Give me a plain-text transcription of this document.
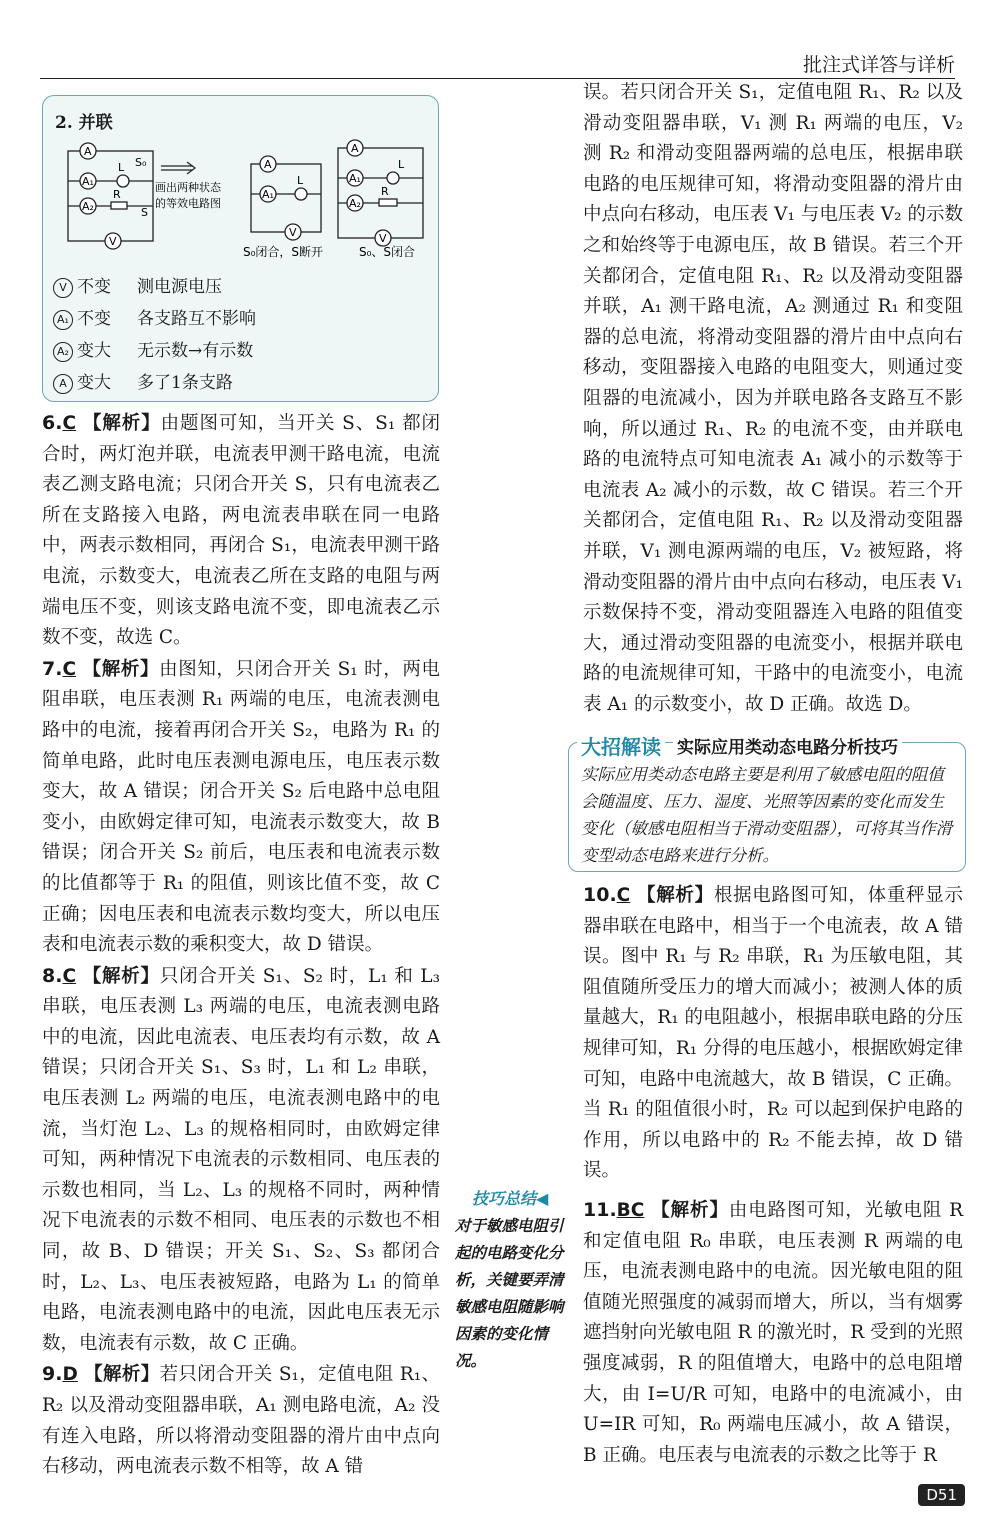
批注式详答与详析
2. 并联
A
A₁
A₂
V
L S₀
R
S
画出两种状态
的等效电路图
A
A₁
V
L
S₀闭合，S断开
A
A₁
A₂
V
L
R
S₀、S闭合
V 不变 测电源电压
A₁ 不变 各支路互不影响
A₂ 变大 无示数→有示数
A 变大 多了1条支路

6.C 【解析】由题图可知，当开关 S、S₁ 都闭合时，两灯泡并联，电流表甲测干路电流，电流表乙测支路电流；只闭合开关 S，只有电流表乙所在支路接入电路，两电流表串联在同一电路中，两表示数相同，再闭合 S₁，电流表甲测干路电流，示数变大，电流表乙所在支路的电阻与两端电压不变，则该支路电流不变，即电流表乙示数不变，故选 C。

7.C 【解析】由图知，只闭合开关 S₁ 时，两电阻串联，电压表测 R₁ 两端的电压，电流表测电路中的电流，接着再闭合开关 S₂，电路为 R₁ 的简单电路，此时电压表测电源电压，电压表示数变大，故 A 错误；闭合开关 S₂ 后电路中总电阻变小，由欧姆定律可知，电流表示数变大，故 B 错误；闭合开关 S₂ 前后，电压表和电流表示数的比值都等于 R₁ 的阻值，则该比值不变，故 C 正确；因电压表和电流表示数均变大，所以电压表和电流表示数的乘积变大，故 D 错误。

8.C 【解析】只闭合开关 S₁、S₂ 时，L₁ 和 L₃ 串联，电压表测 L₃ 两端的电压，电流表测电路中的电流，因此电流表、电压表均有示数，故 A 错误；只闭合开关 S₁、S₃ 时，L₁ 和 L₂ 串联，电压表测 L₂ 两端的电压，电流表测电路中的电流，当灯泡 L₂、L₃ 的规格相同时，由欧姆定律可知，两种情况下电流表的示数相同、电压表的示数也相同，当 L₂、L₃ 的规格不同时，两种情况下电流表的示数不相同、电压表的示数也不相同，故 B、D 错误；开关 S₁、S₂、S₃ 都闭合时，L₂、L₃、电压表被短路，电路为 L₁ 的简单电路，电流表测电路中的电流，因此电压表无示数，电流表有示数，故 C 正确。

9.D 【解析】若只闭合开关 S₁，定值电阻 R₁、R₂ 以及滑动变阻器串联，A₁ 测电路电流，A₂ 没有连入电路，所以将滑动变阻器的滑片由中点向右移动，两电流表示数不相等，故 A 错

误。若只闭合开关 S₁，定值电阻 R₁、R₂ 以及滑动变阻器串联，V₁ 测 R₁ 两端的电压，V₂ 测 R₂ 和滑动变阻器两端的总电压，根据串联电路的电压规律可知，将滑动变阻器的滑片由中点向右移动，电压表 V₁ 与电压表 V₂ 的示数之和始终等于电源电压，故 B 错误。若三个开关都闭合，定值电阻 R₁、R₂ 以及滑动变阻器并联，A₁ 测干路电流，A₂ 测通过 R₁ 和变阻器的总电流，将滑动变阻器的滑片由中点向右移动，变阻器接入电路的电阻变大，则通过变阻器的电流减小，因为并联电路各支路互不影响，所以通过 R₁、R₂ 的电流不变，由并联电路的电流特点可知电流表 A₁ 减小的示数等于电流表 A₂ 减小的示数，故 C 错误。若三个开关都闭合，定值电阻 R₁、R₂ 以及滑动变阻器并联，V₁ 测电源两端的电压，V₂ 被短路，将滑动变阻器的滑片由中点向右移动，电压表 V₁ 示数保持不变，滑动变阻器连入电路的阻值变大，通过滑动变阻器的电流变小，根据并联电路的电流规律可知，干路中的电流变小，电流表 A₁ 的示数变小，故 D 正确。故选 D。

大招解读 实际应用类动态电路分析技巧
实际应用类动态电路主要是利用了敏感电阻的阻值会随温度、压力、湿度、光照等因素的变化而发生变化（敏感电阻相当于滑动变阻器），可将其当作滑变型动态电路来进行分析。

10.C 【解析】根据电路图可知，体重秤显示器串联在电路中，相当于一个电流表，故 A 错误。图中 R₁ 与 R₂ 串联，R₁ 为压敏电阻，其阻值随所受压力的增大而减小；被测人体的质量越大，R₁ 的电阻越小，根据串联电路的分压规律可知，R₁ 分得的电压越小，根据欧姆定律可知，电路中电流越大，故 B 错误，C 正确。当 R₁ 的阻值很小时，R₂ 可以起到保护电路的作用，所以电路中的 R₂ 不能去掉，故 D 错误。

11.BC 【解析】由电路图可知，光敏电阻 R 和定值电阻 R₀ 串联，电压表测 R 两端的电压，电流表测电路中的电流。因光敏电阻的阻值随光照强度的减弱而增大，所以，当有烟雾遮挡射向光敏电阻 R 的激光时，R 受到的光照强度减弱，R 的阻值增大，电路中的总电阻增大，由 I=U/R 可知，电路中的电流减小，由 U=IR 可知，R₀ 两端电压减小，故 A 错误，B 正确。电压表与电流表的示数之比等于 R

技巧总结◀
对于敏感电阻引起的电路变化分析，关键要弄清敏感电阻随影响因素的变化情况。
D51
